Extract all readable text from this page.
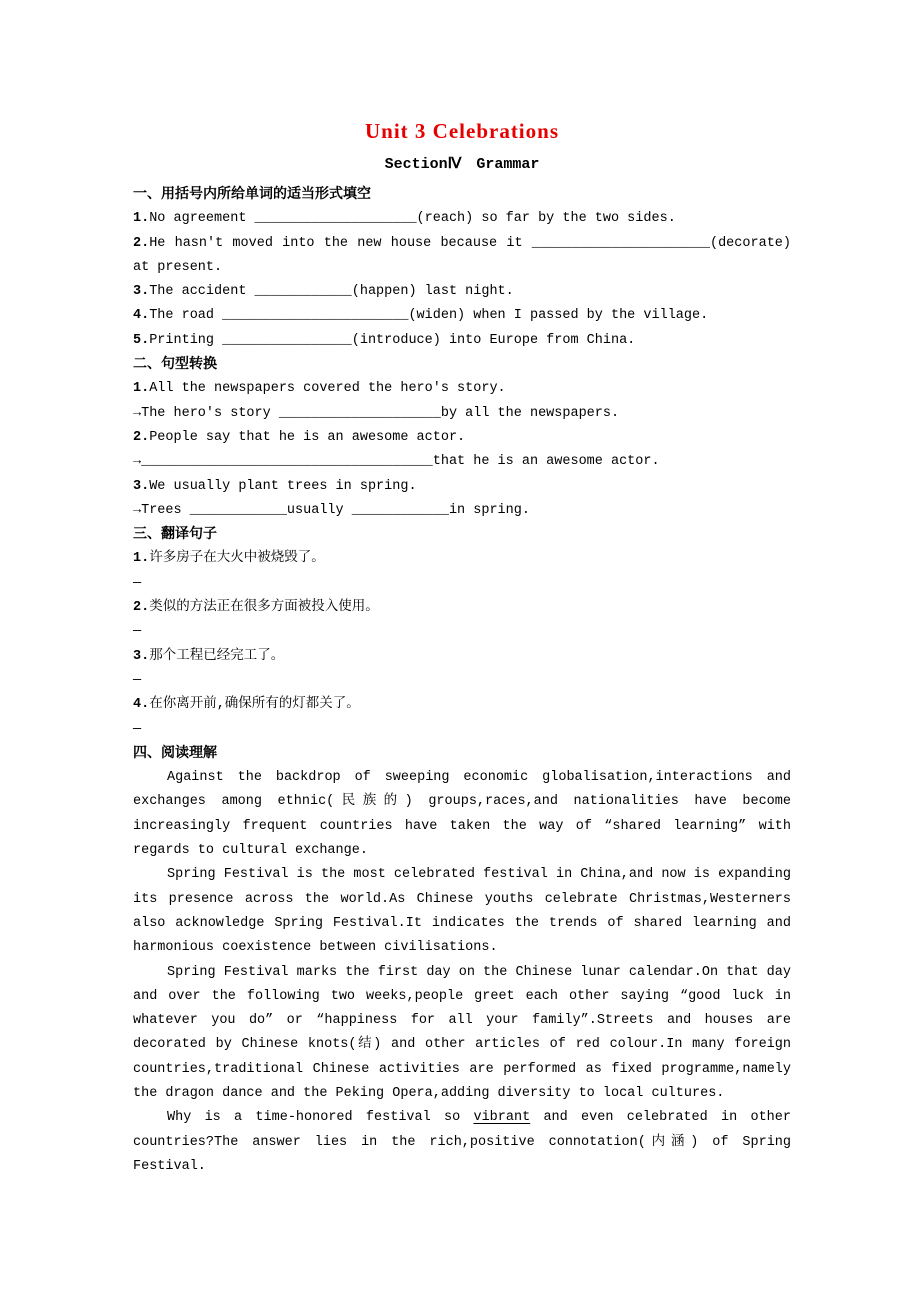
Unit 3 Celebrations
SectionⅣ　Grammar
一、用括号内所给单词的适当形式填空
1.No agreement ____________________(reach) so far by the two sides.
2.He hasn't moved into the new house because it ______________________(decorate) at present.
3.The accident ____________(happen) last night.
4.The road _______________________(widen) when I passed by the village.
5.Printing ________________(introduce) into Europe from China.
二、句型转换
1.All the newspapers covered the hero's story.
→The hero's story ____________________by all the newspapers.
2.People say that he is an awesome actor.
→____________________________________that he is an awesome actor.
3.We usually plant trees in spring.
→Trees ____________usually ____________in spring.
三、翻译句子
1.许多房子在大火中被烧毁了。
—
2.类似的方法正在很多方面被投入使用。
—
3.那个工程已经完工了。
—
4.在你离开前,确保所有的灯都关了。
—
四、阅读理解

Against the backdrop of sweeping economic globalisation,interactions and exchanges among ethnic(民族的) groups,races,and nationalities have become increasingly frequent countries have taken the way of “shared learning” with regards to cultural exchange.

Spring Festival is the most celebrated festival in China,and now is expanding its presence across the world.As Chinese youths celebrate Christmas,Westerners also acknowledge Spring Festival.It indicates the trends of shared learning and harmonious coexistence between civilisations.

Spring Festival marks the first day on the Chinese lunar calendar.On that day and over the following two weeks,people greet each other saying “good luck in whatever you do” or “happiness for all your family”.Streets and houses are decorated by Chinese knots(结) and other articles of red colour.In many foreign countries,traditional Chinese activities are performed as fixed programme,namely the dragon dance and the Peking Opera,adding diversity to local cultures.

Why is a time-honored festival so vibrant and even celebrated in other countries?The answer lies in the rich,positive connotation(内涵) of Spring Festival.
